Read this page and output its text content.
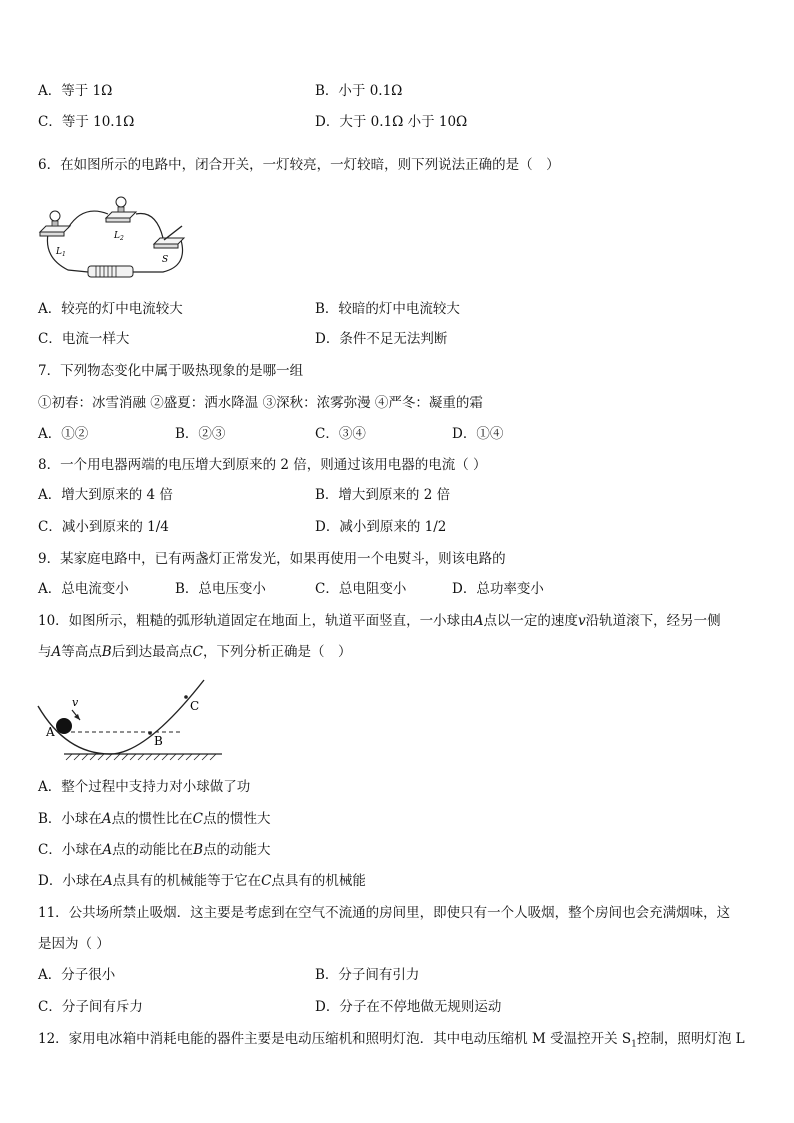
A．等于 1Ω	B．小于 0.1Ω
C．等于 10.1Ω	D．大于 0.1Ω 小于 10Ω
6．在如图所示的电路中，闭合开关，一灯较亮，一灯较暗，则下列说法正确的是（　）
$L_1$
$L_2$
S
A．较亮的灯中电流较大	B．较暗的灯中电流较大
C．电流一样大	D．条件不足无法判断
7．下列物态变化中属于吸热现象的是哪一组
①初春：冰雪消融 ②盛夏：洒水降温 ③深秋：浓雾弥漫 ④严冬：凝重的霜
A．①②	B．②③	C．③④	D．①④
8．一个用电器两端的电压增大到原来的 2 倍，则通过该用电器的电流（ ）
A．增大到原来的 4 倍	B．增大到原来的 2 倍
C．减小到原来的 1/4	D．减小到原来的 1/2
9．某家庭电路中，已有两盏灯正常发光，如果再使用一个电熨斗，则该电路的
A．总电流变小	B．总电压变小	C．总电阻变小	D．总功率变小
10．如图所示，粗糙的弧形轨道固定在地面上，轨道平面竖直，一小球由A点以一定的速度v沿轨道滚下，经另一侧
与A等高点B后到达最高点C，下列分析正确是（　）
v
A
B
C
A．整个过程中支持力对小球做了功
B．小球在A点的惯性比在C点的惯性大
C．小球在A点的动能比在B点的动能大
D．小球在A点具有的机械能等于它在C点具有的机械能
11．公共场所禁止吸烟．这主要是考虑到在空气不流通的房间里，即使只有一个人吸烟，整个房间也会充满烟味，这
是因为（ ）
A．分子很小	B．分子间有引力
C．分子间有斥力	D．分子在不停地做无规则运动
12．家用电冰箱中消耗电能的器件主要是电动压缩机和照明灯泡．其中电动压缩机 M 受温控开关 $S_1$控制，照明灯泡 L
